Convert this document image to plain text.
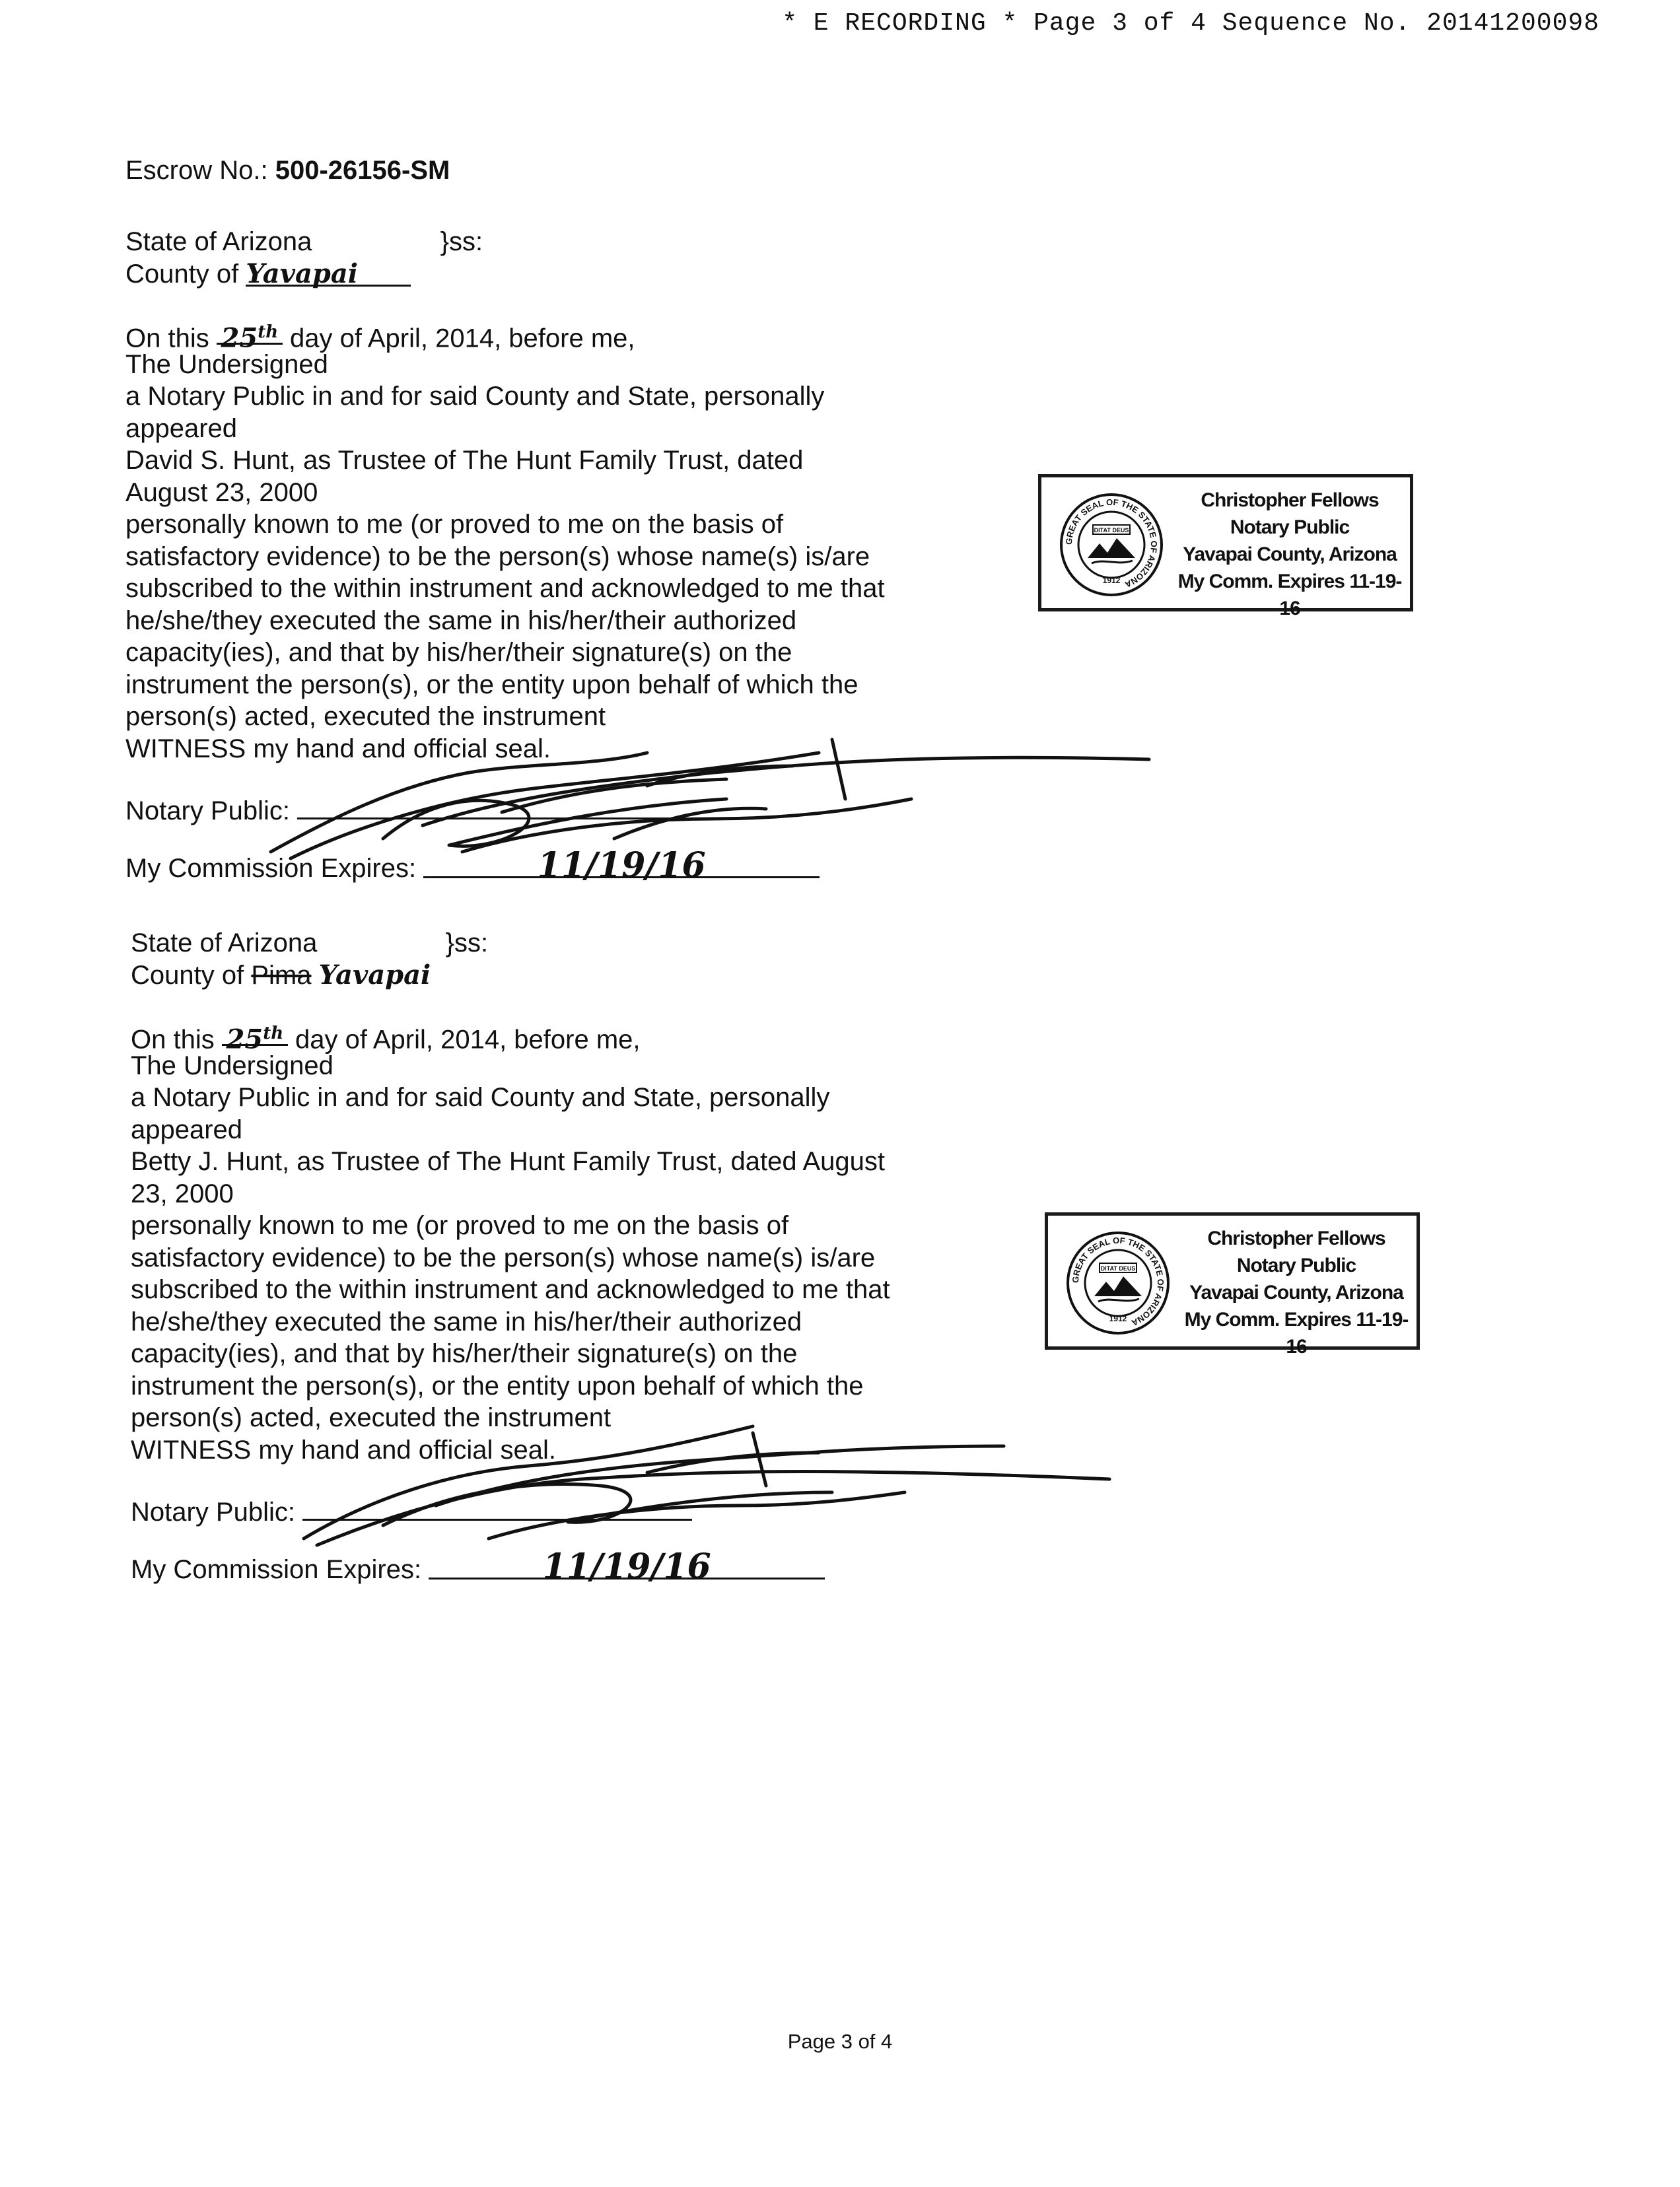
* E RECORDING * Page 3 of 4 Sequence No. 20141200098
Escrow No.: 500-26156-SM
State of Arizona	}ss:
County of Yavapai
On this 25th day of April, 2014, before me,
The Undersigned
a Notary Public in and for said County and State, personally
appeared
David S. Hunt, as Trustee of The Hunt Family Trust, dated
August 23, 2000
personally known to me (or proved to me on the basis of
satisfactory evidence) to be the person(s) whose name(s) is/are
subscribed to the within instrument and acknowledged to me that
he/she/they executed the same in his/her/their authorized
capacity(ies), and that by his/her/their signature(s) on the
instrument the person(s), or the entity upon behalf of which the
person(s) acted, executed the instrument
WITNESS my hand and official seal.
Notary Public:
My Commission Expires:	11/19/16
GREAT SEAL OF THE STATE OF ARIZONA
DITAT DEUS
1912
Christopher Fellows
Notary Public
Yavapai County, Arizona
My Comm. Expires 11-19-16
State of Arizona	}ss:
County of Pima Yavapai
On this 25th day of April, 2014, before me,
The Undersigned
a Notary Public in and for said County and State, personally
appeared
Betty J. Hunt, as Trustee of The Hunt Family Trust, dated August
23, 2000
personally known to me (or proved to me on the basis of
satisfactory evidence) to be the person(s) whose name(s) is/are
subscribed to the within instrument and acknowledged to me that
he/she/they executed the same in his/her/their authorized
capacity(ies), and that by his/her/their signature(s) on the
instrument the person(s), or the entity upon behalf of which the
person(s) acted, executed the instrument
WITNESS my hand and official seal.
Notary Public:
My Commission Expires:	11/19/16
GREAT SEAL OF THE STATE OF ARIZONA
DITAT DEUS
1912
Christopher Fellows
Notary Public
Yavapai County, Arizona
My Comm. Expires 11-19-16
Page 3 of 4
